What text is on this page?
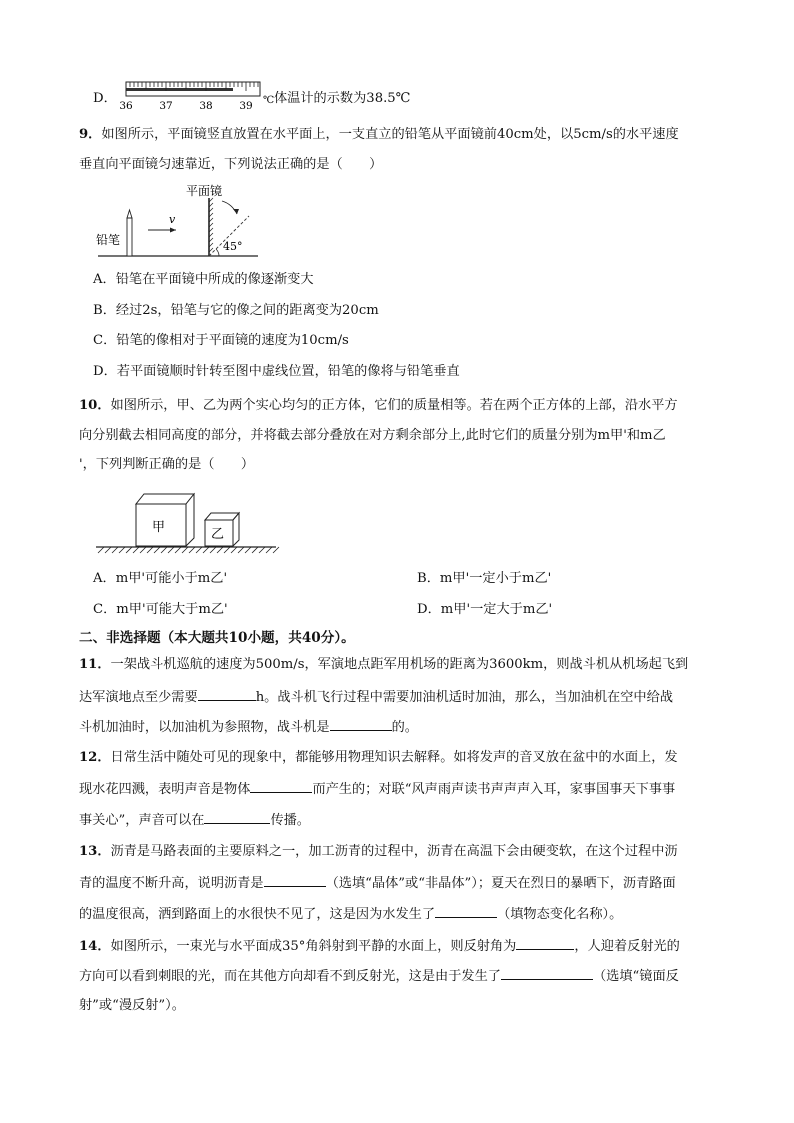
D． 36	37	38	39 ℃ 体温计的示数为38.5℃
9．如图所示，平面镜竖直放置在水平面上，一支直立的铅笔从平面镜前40cm处，以5cm/s的水平速度
垂直向平面镜匀速靠近，下列说法正确的是（　　）
平面镜
铅笔
v
45°
A．铅笔在平面镜中所成的像逐渐变大
B．经过2s，铅笔与它的像之间的距离变为20cm
C．铅笔的像相对于平面镜的速度为10cm/s
D．若平面镜顺时针转至图中虚线位置，铅笔的像将与铅笔垂直
10．如图所示，甲、乙为两个实心均匀的正方体，它们的质量相等。若在两个正方体的上部，沿水平方
向分别截去相同高度的部分，并将截去部分叠放在对方剩余部分上,此时它们的质量分别为m甲'和m乙
'，下列判断正确的是（　　）
甲	乙
A．m甲'可能小于m乙'	B．m甲'一定小于m乙'
C．m甲'可能大于m乙'	D．m甲'一定大于m乙'
二、非选择题（本大题共10小题，共40分）。
11．一架战斗机巡航的速度为500m/s，军演地点距军用机场的距离为3600km，则战斗机从机场起飞到
达军演地点至少需要	h。战斗机飞行过程中需要加油机适时加油，那么，当加油机在空中给战
斗机加油时，以加油机为参照物，战斗机是	的。
12．日常生活中随处可见的现象中，都能够用物理知识去解释。如将发声的音叉放在盆中的水面上，发
现水花四溅，表明声音是物体	而产生的；对联“风声雨声读书声声声入耳，家事国事天下事事
事关心”，声音可以在	传播。
13．沥青是马路表面的主要原料之一，加工沥青的过程中，沥青在高温下会由硬变软，在这个过程中沥
青的温度不断升高，说明沥青是	（选填“晶体”或“非晶体”）；夏天在烈日的暴晒下，沥青路面
的温度很高，洒到路面上的水很快不见了，这是因为水发生了	（填物态变化名称）。
14．如图所示，一束光与水平面成35°角斜射到平静的水面上，则反射角为	，人迎着反射光的
方向可以看到刺眼的光，而在其他方向却看不到反射光，这是由于发生了	（选填“镜面反
射”或“漫反射”）。
